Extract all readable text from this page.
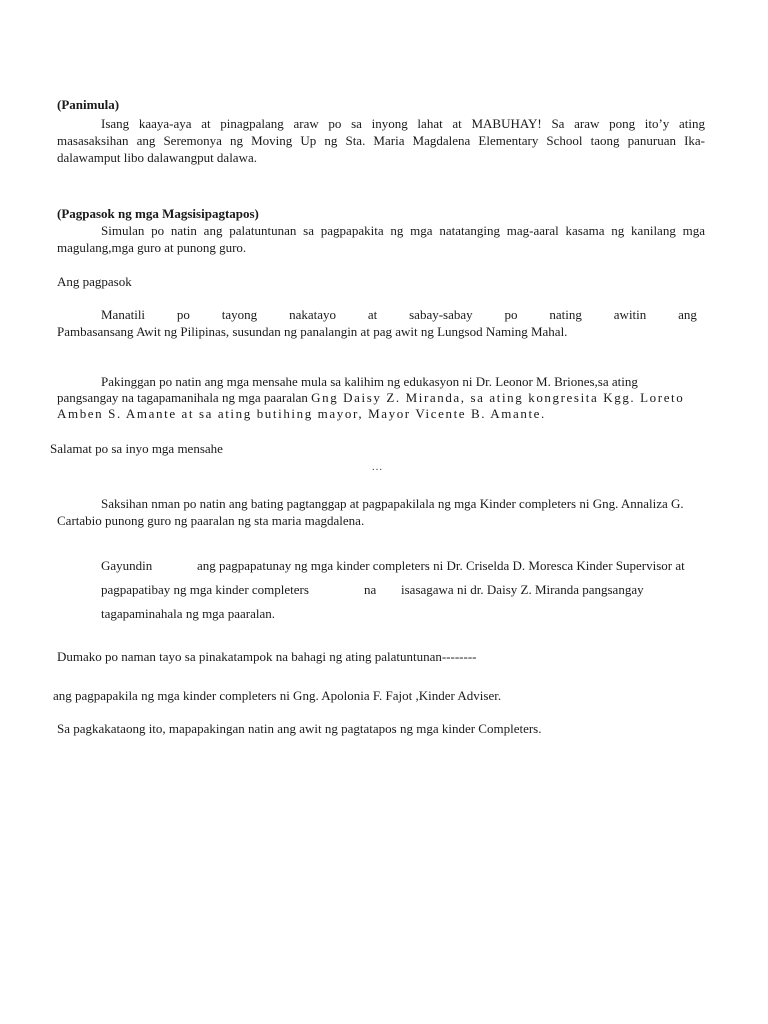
(Panimula)
Isang kaaya-aya at pinagpalang araw po sa inyong lahat at MABUHAY! Sa araw pong ito’y ating
masasaksihan ang Seremonya ng Moving Up ng Sta. Maria Magdalena Elementary School taong panuruan Ika-
dalawamput libo dalawangput dalawa.
(Pagpasok ng mga Magsisipagtapos)
Simulan po natin ang palatuntunan sa pagpapakita ng mga natatanging mag-aaral kasama ng kanilang mga
magulang,mga guro at punong guro.
Ang pagpasok
Manatili po tayong nakatayo at sabay-sabay po nating awitin ang
Pambasansang Awit ng Pilipinas, susundan ng panalangin at pag awit ng Lungsod Naming Mahal.
Pakinggan po natin ang mga mensahe mula sa kalihim ng edukasyon ni Dr. Leonor M. Briones,sa ating
pangsangay na tagapamanihala ng mga paaralan Gng Daisy Z. Miranda, sa ating kongresita Kgg. Loreto
Amben S. Amante at sa ating butihing mayor, Mayor Vicente B. Amante.
Salamat po sa inyo mga mensahe
…
Saksihan nman po natin ang bating pagtanggap at pagpapakilala ng mga Kinder completers ni Gng. Annaliza G.
Cartabio punong guro ng paaralan ng sta maria magdalena.
Gayundin	ang pagpapatunay ng mga kinder completers ni Dr. Criselda D. Moresca Kinder Supervisor at
pagpapatibay ng mga kinder completers	na isasagawa ni dr. Daisy Z. Miranda pangsangay
tagapaminahala ng mga paaralan.
Dumako po naman tayo sa pinakatampok na bahagi ng ating palatuntunan--------
ang pagpapakila ng mga kinder completers ni Gng. Apolonia F. Fajot ,Kinder Adviser.
Sa pagkakataong ito, mapapakingan natin ang awit ng pagtatapos ng mga kinder Completers.
